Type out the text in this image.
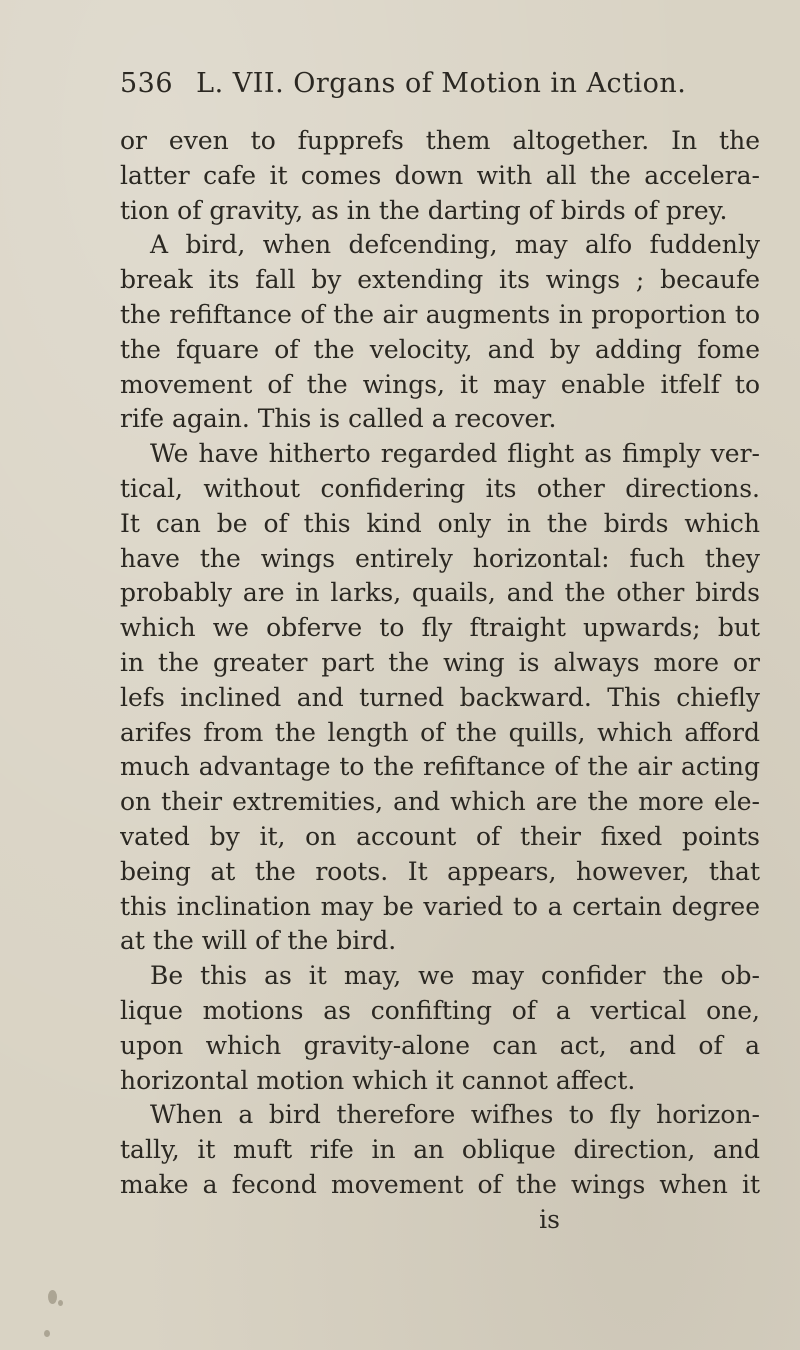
536 L. VII. Organs of Motion in Action.
or even to fupprefs them altogether. In the
latter cafe it comes down with all the accelera-
tion of gravity, as in the darting of birds of prey.
A bird, when defcending, may alfo fuddenly
break its fall by extending its wings ; becaufe
the refiftance of the air augments in proportion to
the fquare of the velocity, and by adding fome
movement of the wings, it may enable itfelf to
rife again. This is called a recover.
We have hitherto regarded flight as fimply ver-
tical, without confidering its other directions.
It can be of this kind only in the birds which
have the wings entirely horizontal: fuch they
probably are in larks, quails, and the other birds
which we obferve to fly ftraight upwards; but
in the greater part the wing is always more or
lefs inclined and turned backward. This chiefly
arifes from the length of the quills, which afford
much advantage to the refiftance of the air acting
on their extremities, and which are the more ele-
vated by it, on account of their fixed points
being at the roots. It appears, however, that
this inclination may be varied to a certain degree
at the will of the bird.
Be this as it may, we may confider the ob-
lique motions as confifting of a vertical one,
upon which gravity-alone can act, and of a
horizontal motion which it cannot affect.
When a bird therefore wifhes to fly horizon-
tally, it muft rife in an oblique direction, and
make a fecond movement of the wings when it
is
